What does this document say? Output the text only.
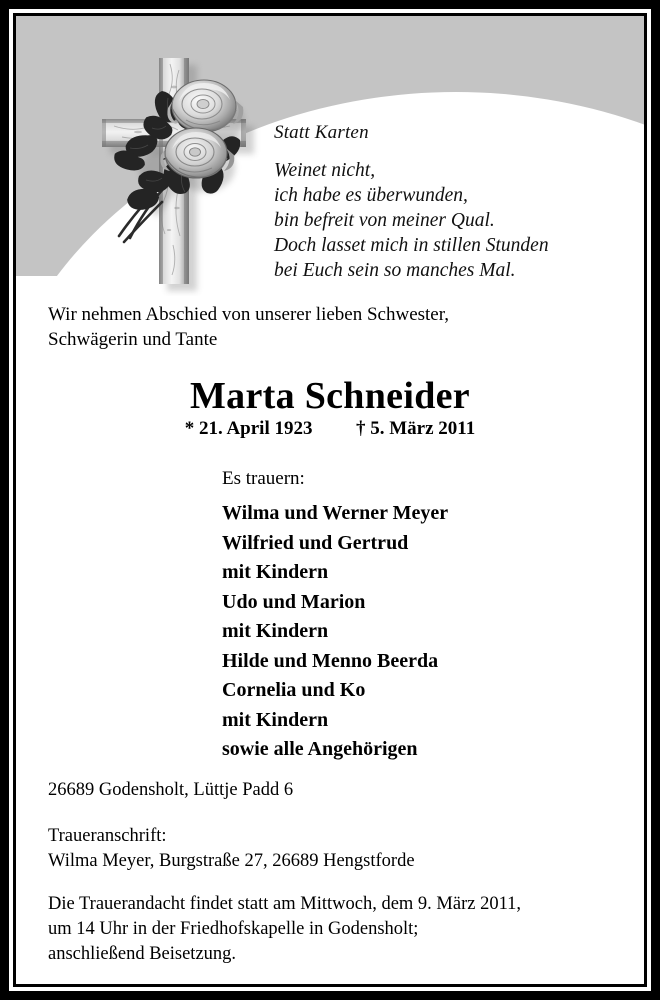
Statt Karten
Weinet nicht,
ich habe es überwunden,
bin befreit von meiner Qual.
Doch lasset mich in stillen Stunden
bei Euch sein so manches Mal.
Wir nehmen Abschied von unserer lieben Schwester,
Schwägerin und Tante
Marta Schneider
* 21. April 1923 † 5. März 2011
Es trauern:
Wilma und Werner Meyer
Wilfried und Gertrud
mit Kindern
Udo und Marion
mit Kindern
Hilde und Menno Beerda
Cornelia und Ko
mit Kindern
sowie alle Angehörigen
26689 Godensholt, Lüttje Padd 6
Traueranschrift:
Wilma Meyer, Burgstraße 27, 26689 Hengstforde
Die Trauerandacht findet statt am Mittwoch, dem 9. März 2011,
um 14 Uhr in der Friedhofskapelle in Godensholt;
anschließend Beisetzung.
